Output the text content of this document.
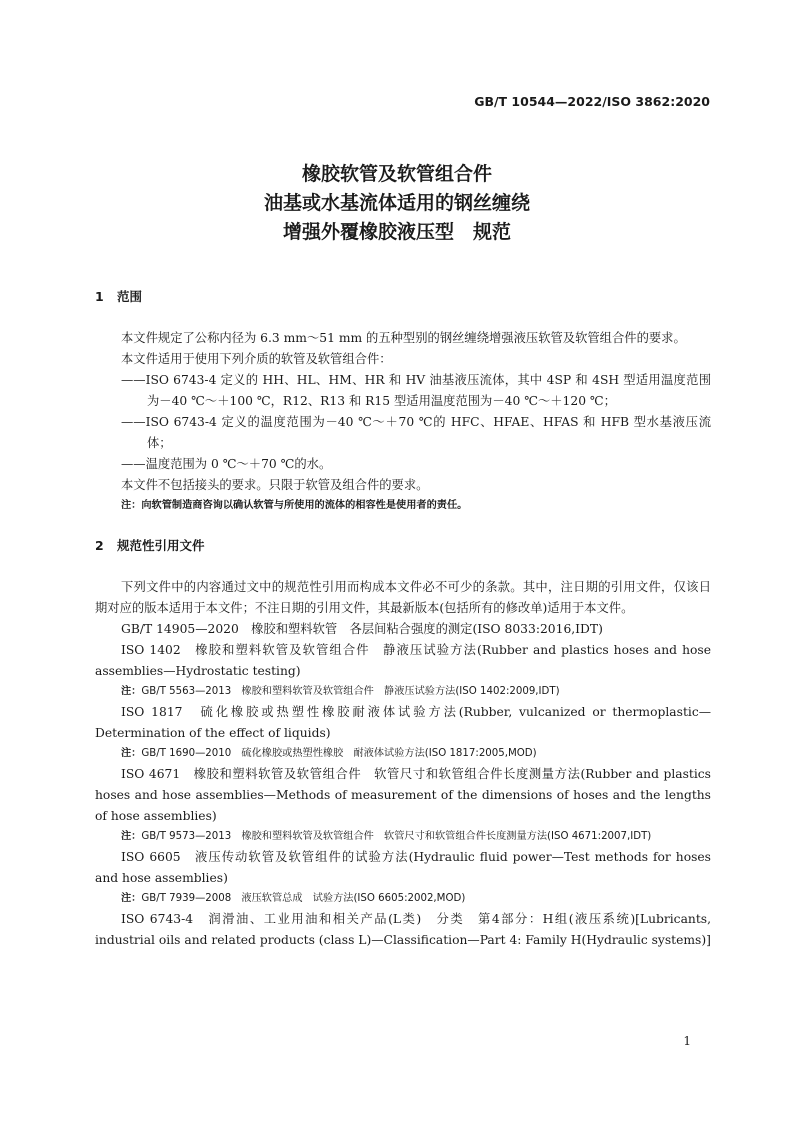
GB/T 10544—2022/ISO 3862:2020
橡胶软管及软管组合件
油基或水基流体适用的钢丝缠绕
增强外覆橡胶液压型　规范
1 范围

本文件规定了公称内径为 6.3 mm～51 mm 的五种型别的钢丝缠绕增强液压软管及软管组合件的要求。

本文件适用于使用下列介质的软管及软管组合件：

——ISO 6743-4 定义的 HH、HL、HM、HR 和 HV 油基液压流体，其中 4SP 和 4SH 型适用温度范围为－40 ℃～＋100 ℃，R12、R13 和 R15 型适用温度范围为－40 ℃～＋120 ℃；

——ISO 6743-4 定义的温度范围为－40 ℃～＋70 ℃的 HFC、HFAE、HFAS 和 HFB 型水基液压流体；

——温度范围为 0 ℃～＋70 ℃的水。

本文件不包括接头的要求。只限于软管及组合件的要求。

注：向软管制造商咨询以确认软管与所使用的流体的相容性是使用者的责任。

2 规范性引用文件

下列文件中的内容通过文中的规范性引用而构成本文件必不可少的条款。其中，注日期的引用文件，仅该日期对应的版本适用于本文件；不注日期的引用文件，其最新版本(包括所有的修改单)适用于本文件。

GB/T 14905—2020　橡胶和塑料软管　各层间粘合强度的测定(ISO 8033:2016,IDT)

ISO 1402　橡胶和塑料软管及软管组合件　静液压试验方法(Rubber and plastics hoses and hose assemblies—Hydrostatic testing)

注：GB/T 5563—2013　橡胶和塑料软管及软管组合件　静液压试验方法(ISO 1402:2009,IDT)

ISO 1817　硫化橡胶或热塑性橡胶耐液体试验方法(Rubber, vulcanized or thermoplastic—Determination of the effect of liquids)

注：GB/T 1690—2010　硫化橡胶或热塑性橡胶　耐液体试验方法(ISO 1817:2005,MOD)

ISO 4671　橡胶和塑料软管及软管组合件　软管尺寸和软管组合件长度测量方法(Rubber and plastics hoses and hose assemblies—Methods of measurement of the dimensions of hoses and the lengths of hose assemblies)

注：GB/T 9573—2013　橡胶和塑料软管及软管组合件　软管尺寸和软管组合件长度测量方法(ISO 4671:2007,IDT)

ISO 6605　液压传动软管及软管组件的试验方法(Hydraulic fluid power—Test methods for hoses and hose assemblies)

注：GB/T 7939—2008　液压软管总成　试验方法(ISO 6605:2002,MOD)

ISO 6743-4　润滑油、工业用油和相关产品(L类)　分类　第4部分：H组(液压系统)[Lubricants, industrial oils and related products (class L)—Classification—Part 4: Family H(Hydraulic systems)]

1
